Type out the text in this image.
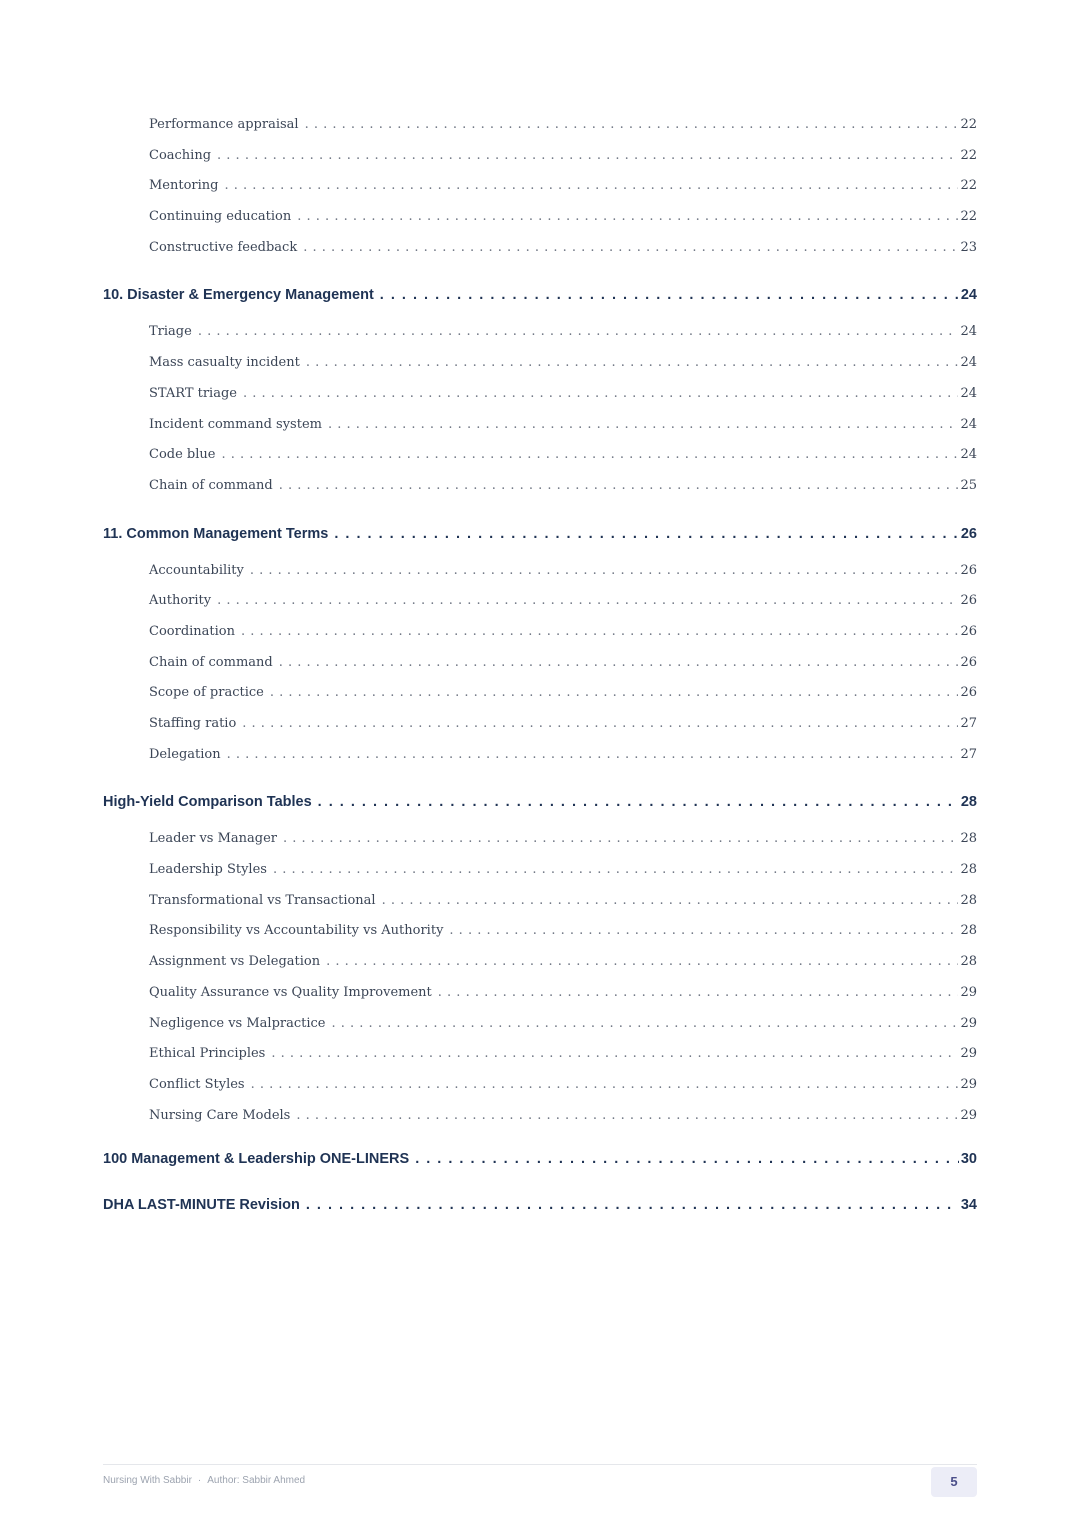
Performance appraisal . . .	22
Coaching . . .	22
Mentoring . . .	22
Continuing education . . .	22
Constructive feedback . . .	23
10. Disaster & Emergency Management . . .	24
Triage . . .	24
Mass casualty incident . . .	24
START triage . . .	24
Incident command system . . .	24
Code blue . . .	24
Chain of command . . .	25
11. Common Management Terms . . .	26
Accountability . . .	26
Authority . . .	26
Coordination . . .	26
Chain of command . . .	26
Scope of practice . . .	26
Staffing ratio . . .	27
Delegation . . .	27
High-Yield Comparison Tables . . .	28
Leader vs Manager . . .	28
Leadership Styles . . .	28
Transformational vs Transactional . . .	28
Responsibility vs Accountability vs Authority . . .	28
Assignment vs Delegation . . .	28
Quality Assurance vs Quality Improvement . . .	29
Negligence vs Malpractice . . .	29
Ethical Principles . . .	29
Conflict Styles . . .	29
Nursing Care Models . . .	29
100 Management & Leadership ONE-LINERS . . .	30
DHA LAST-MINUTE Revision . . .	34
Nursing With Sabbir · Author: Sabbir Ahmed	5
